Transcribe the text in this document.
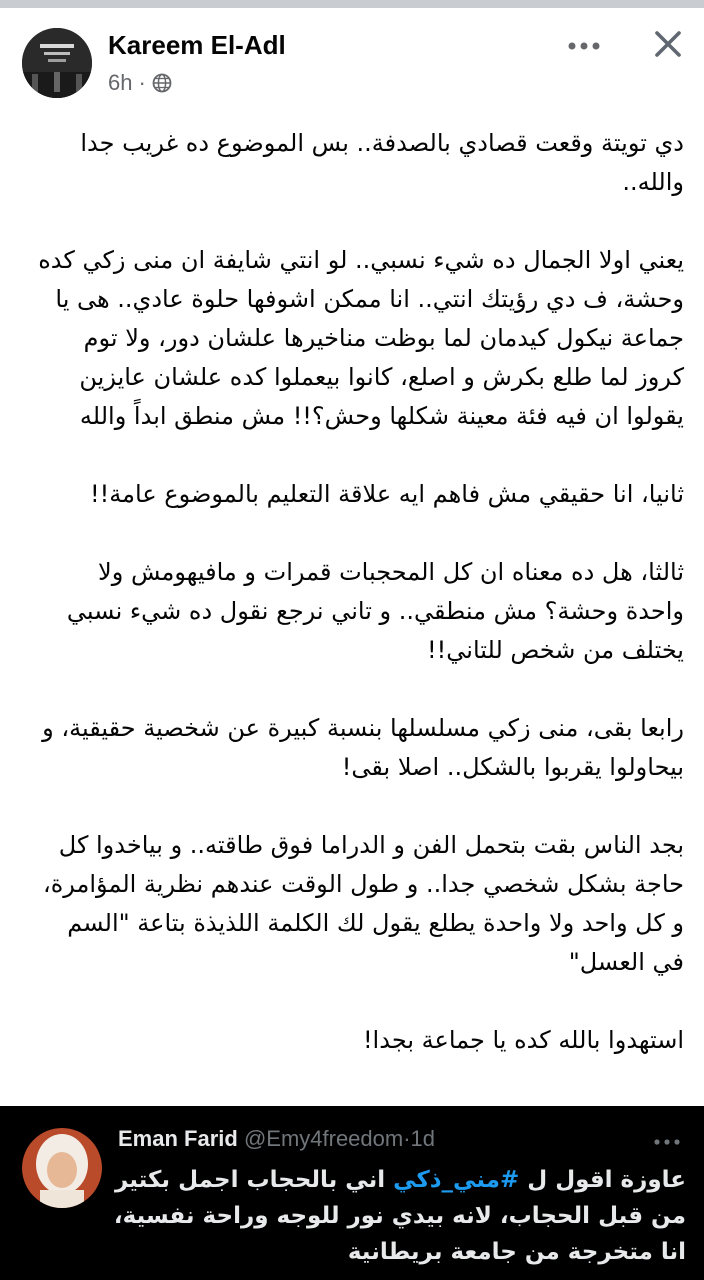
Kareem El-Adl
6h ·

دي تويتة وقعت قصادي بالصدفة.. بس الموضوع ده غريب جدا والله..

يعني اولا الجمال ده شيء نسبي.. لو انتي شايفة ان منى زكي كده وحشة، ف دي رؤيتك انتي.. انا ممكن اشوفها حلوة عادي.. هى يا جماعة نيكول كيدمان لما بوظت مناخيرها علشان دور، ولا توم كروز لما طلع بكرش و اصلع، كانوا بيعملوا كده علشان عايزين يقولوا ان فيه فئة معينة شكلها وحش؟!! مش منطق ابداً والله

ثانيا، انا حقيقي مش فاهم ايه علاقة التعليم بالموضوع عامة!!

ثالثا، هل ده معناه ان كل المحجبات قمرات و مافيهومش ولا واحدة وحشة؟ مش منطقي.. و تاني نرجع نقول ده شيء نسبي يختلف من شخص للتاني!!

رابعا بقى، منى زكي مسلسلها بنسبة كبيرة عن شخصية حقيقية، و بيحاولوا يقربوا بالشكل.. اصلا بقى!

بجد الناس بقت بتحمل الفن و الدراما فوق طاقته.. و بياخدوا كل حاجة بشكل شخصي جدا.. و طول الوقت عندهم نظرية المؤامرة، و كل واحد ولا واحدة يطلع يقول لك الكلمة اللذيذة بتاعة "السم في العسل"

استهدوا بالله كده يا جماعة بجدا!

Eman Farid @Emy4freedom·1d
عاوزة اقول ل #مني_ذكي اني بالحجاب اجمل بكتير من قبل الحجاب، لانه بيدي نور للوجه وراحة نفسية، انا متخرجة من جامعة بريطانية
